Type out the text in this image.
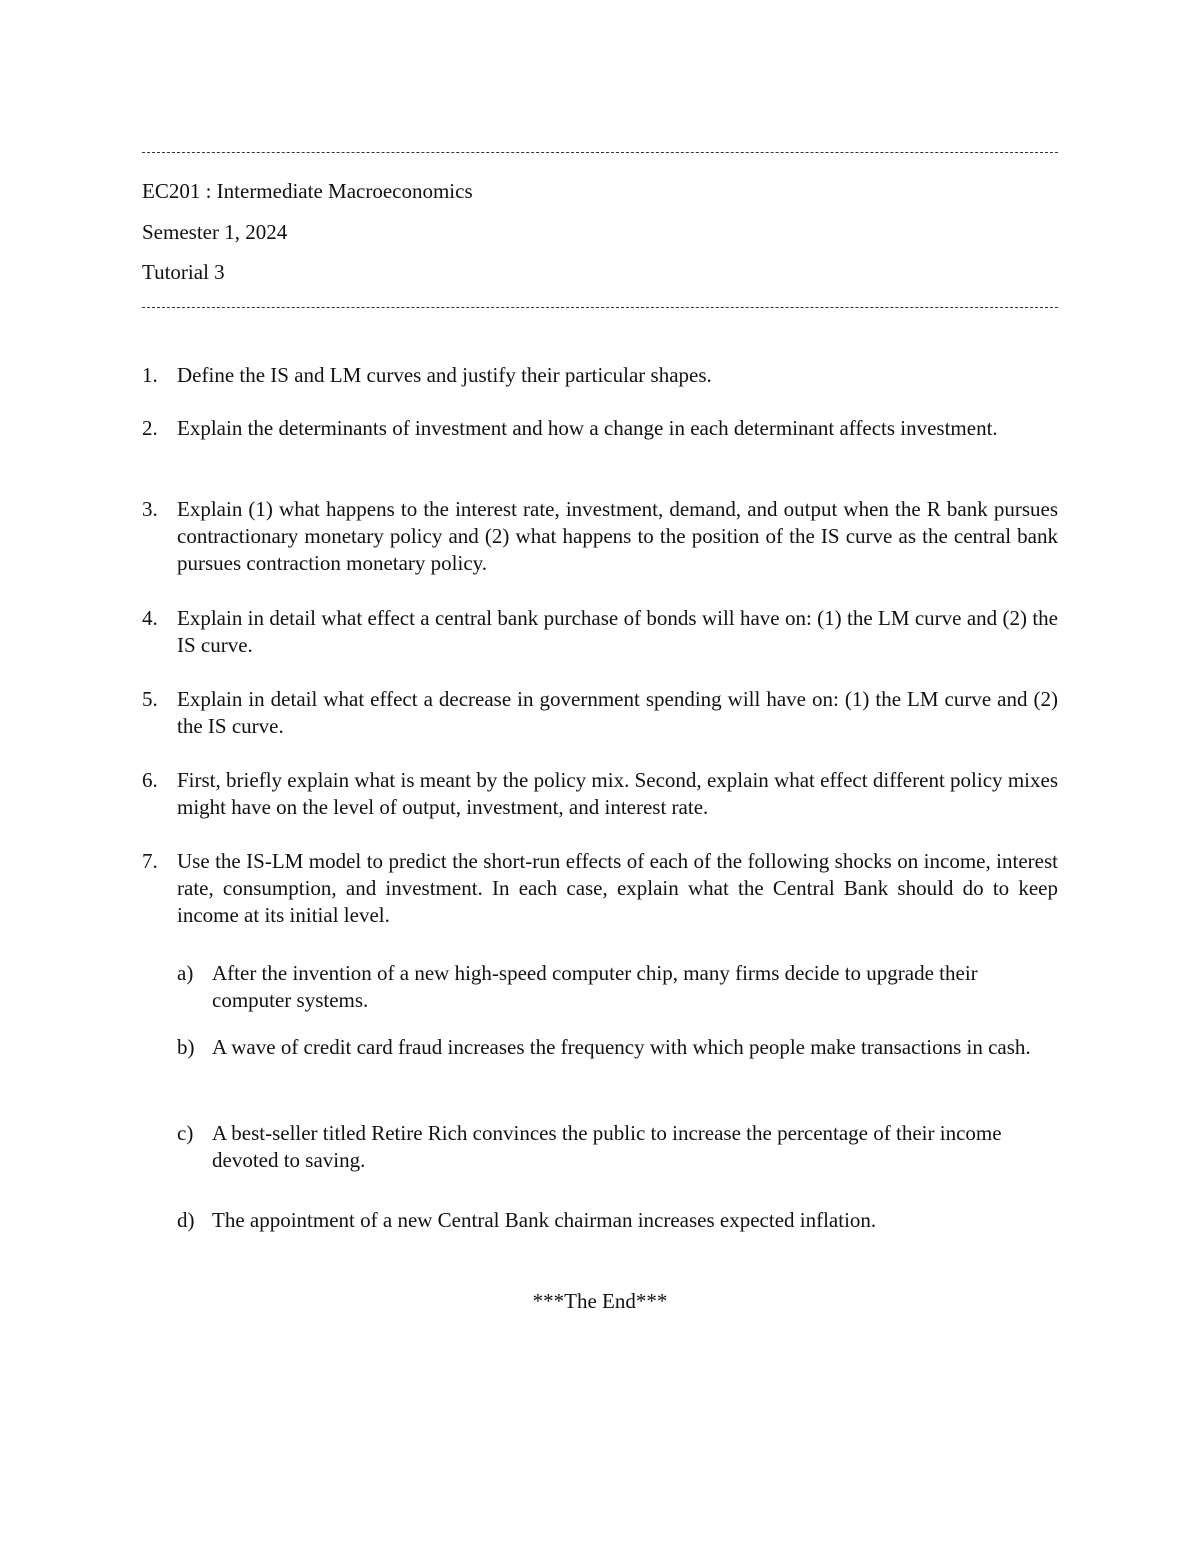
EC201 : Intermediate Macroeconomics
Semester 1, 2024
Tutorial 3
1. Define the IS and LM curves and justify their particular shapes.
2. Explain the determinants of investment and how a change in each determinant affects investment.
3. Explain (1) what happens to the interest rate, investment, demand, and output when the R bank pursues contractionary monetary policy and (2) what happens to the position of the IS curve as the central bank pursues contraction monetary policy.
4. Explain in detail what effect a central bank purchase of bonds will have on: (1) the LM curve and (2) the IS curve.
5. Explain in detail what effect a decrease in government spending will have on: (1) the LM curve and (2) the IS curve.
6. First, briefly explain what is meant by the policy mix. Second, explain what effect different policy mixes might have on the level of output, investment, and interest rate.
7. Use the IS-LM model to predict the short-run effects of each of the following shocks on income, interest rate, consumption, and investment. In each case, explain what the Central Bank should do to keep income at its initial level.
a) After the invention of a new high-speed computer chip, many firms decide to upgrade their computer systems.
b) A wave of credit card fraud increases the frequency with which people make transactions in cash.
c) A best-seller titled Retire Rich convinces the public to increase the percentage of their income devoted to saving.
d) The appointment of a new Central Bank chairman increases expected inflation.
***The End***
